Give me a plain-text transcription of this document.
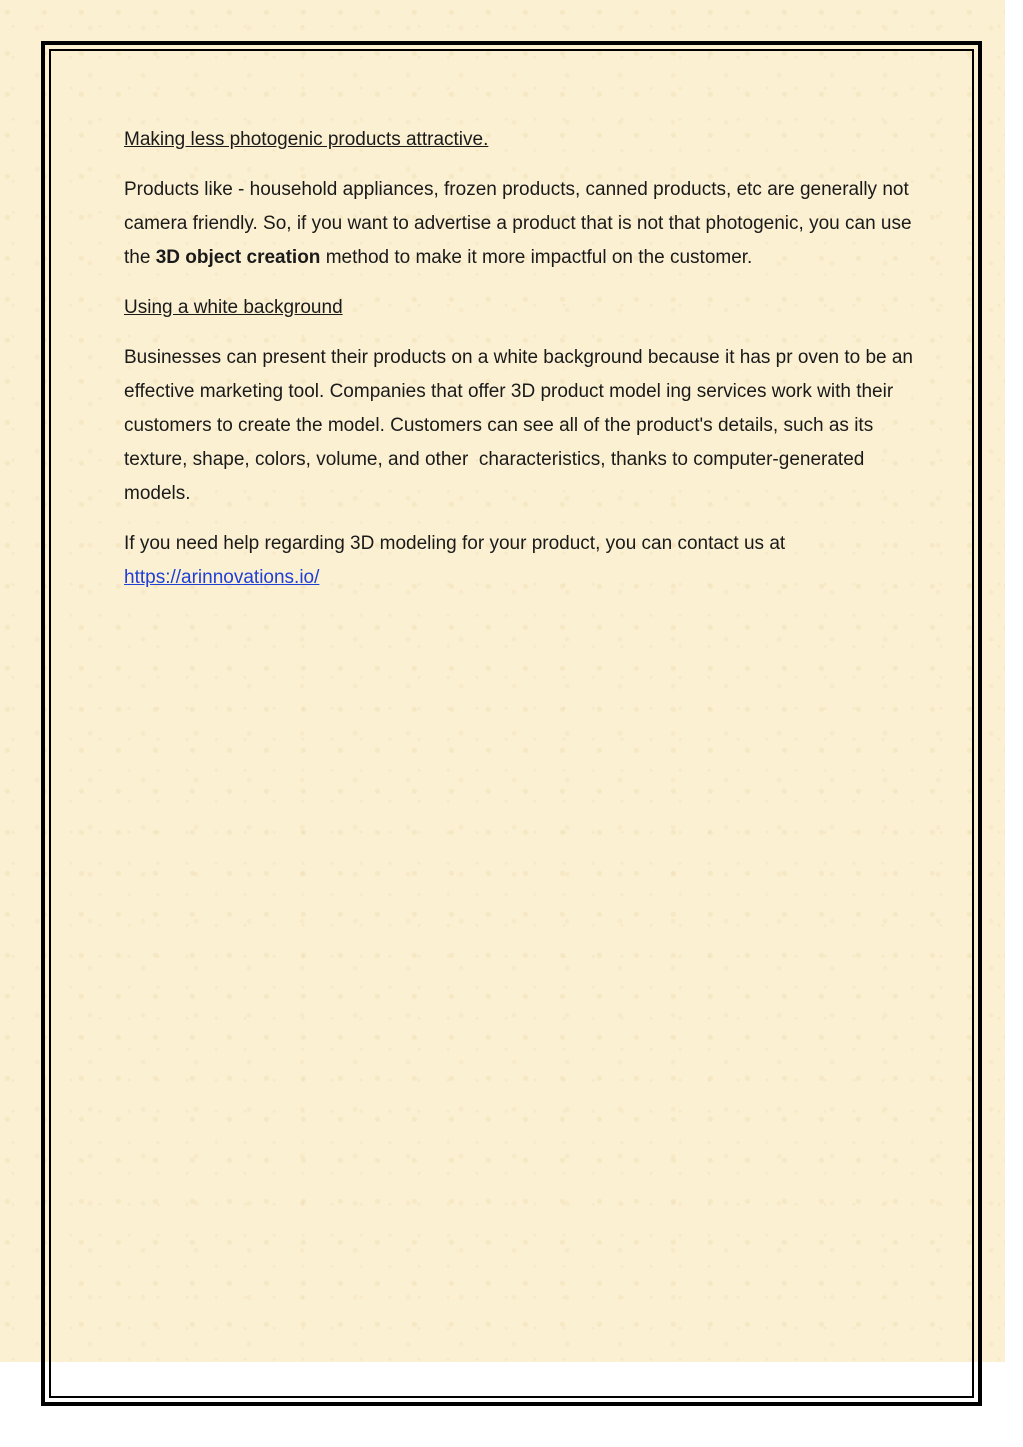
Making less photogenic products attractive.

Products like - household appliances, frozen products, canned products, etc are generally not camera friendly. So, if you want to advertise a product that is not that photogenic, you can use the 3D object creation method to make it more impactful on the customer.

Using a white background

Businesses can present their products on a white background because it has pr oven to be an effective marketing tool. Companies that offer 3D product model ing services work with their customers to create the model. Customers can see all of the product's details, such as its texture, shape, colors, volume, and other  characteristics, thanks to computer-generated models.

If you need help regarding 3D modeling for your product, you can contact us at https://arinnovations.io/
